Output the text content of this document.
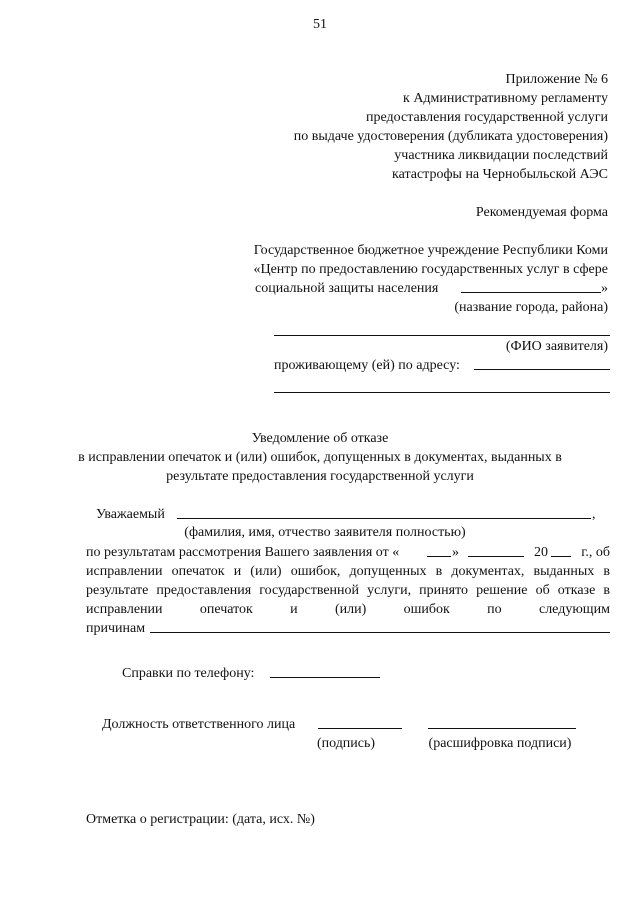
51
Приложение № 6
к Административному регламенту
предоставления государственной услуги
по выдаче удостоверения (дубликата удостоверения)
участника ликвидации последствий
катастрофы на Чернобыльской АЭС
Рекомендуемая форма
Государственное бюджетное учреждение Республики Коми
«Центр по предоставлению государственных услуг в сфере
социальной защиты населения	»
(название города, района)
(ФИО заявителя)
проживающему (ей) по адресу:
Уведомление об отказе
в исправлении опечаток и (или) ошибок, допущенных в документах, выданных в
результате предоставления государственной услуги
Уважаемый	,
(фамилия, имя, отчество заявителя полностью)
по результатам рассмотрения Вашего заявления от «	»	20	г., об
исправлении опечаток и (или) ошибок, допущенных в документах, выданных в
результате предоставления государственной услуги, принято решение об отказе в
исправлении	опечаток	и	(или)	ошибок	по	следующим
причинам
Справки по телефону:
Должность ответственного лица
(подпись)	(расшифровка подписи)
Отметка о регистрации: (дата, исх. №)
